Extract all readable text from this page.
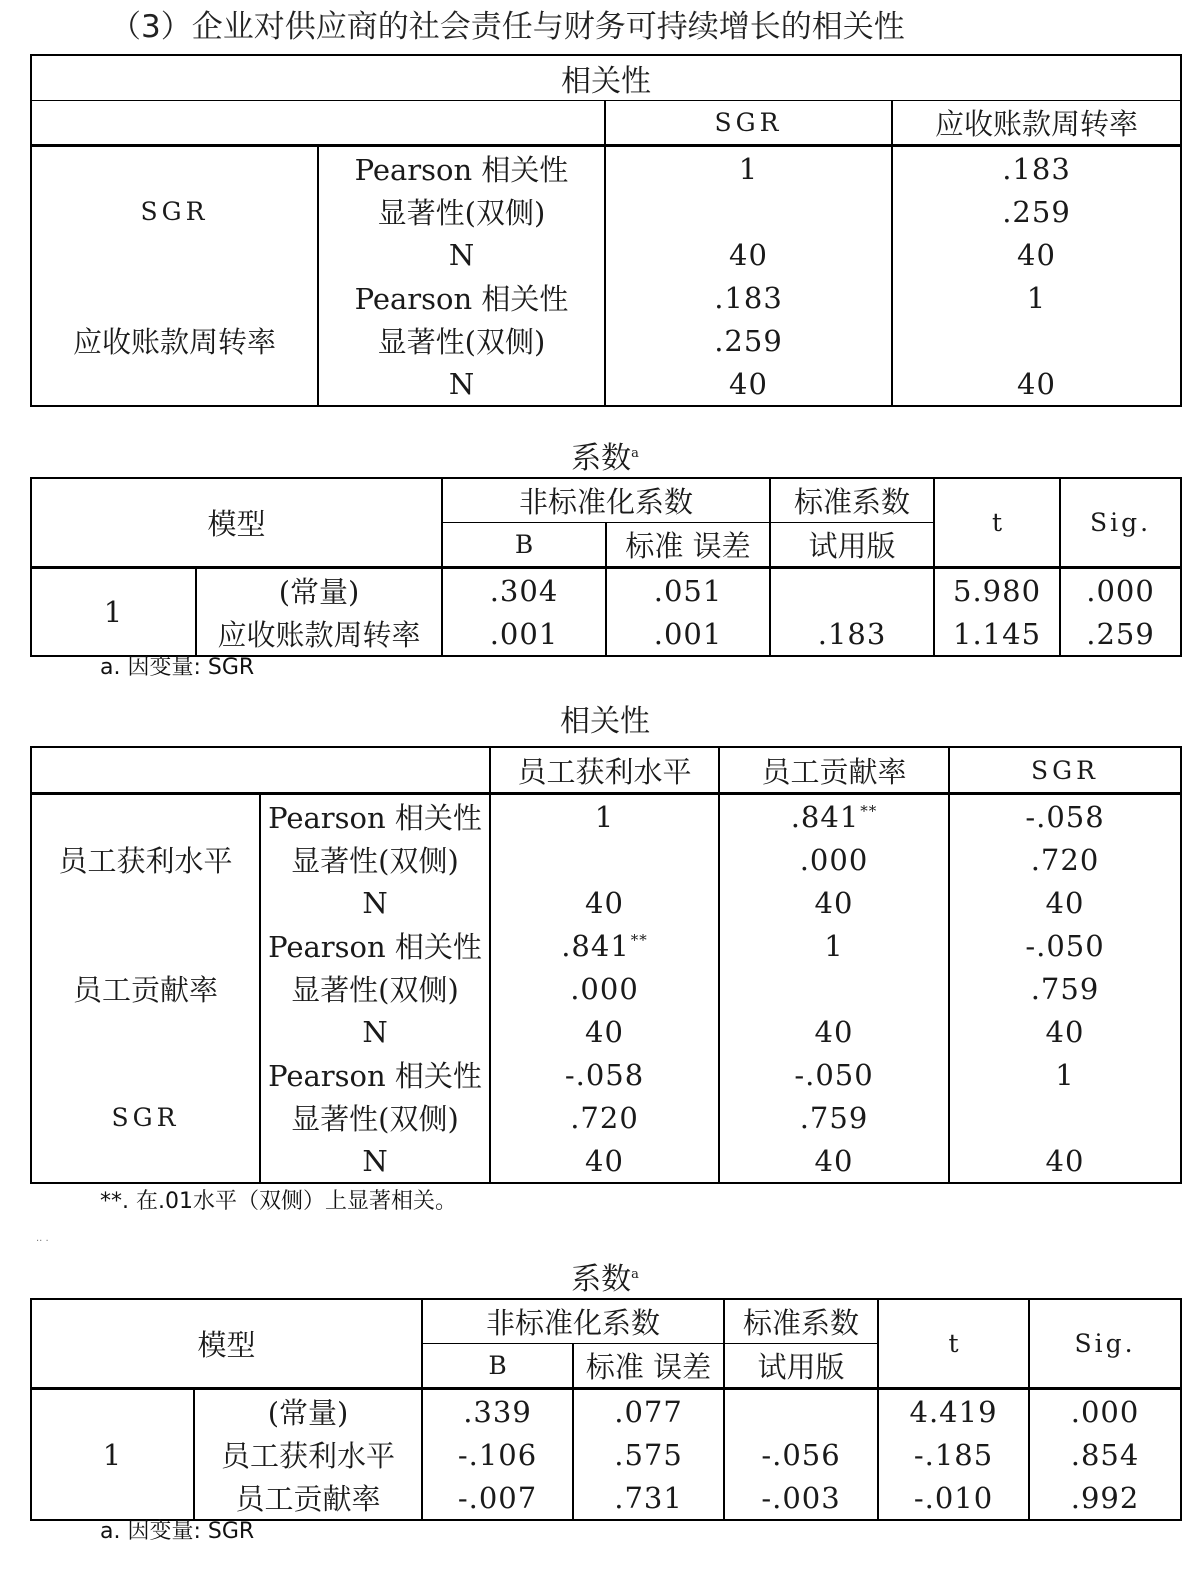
（3）企业对供应商的社会责任与财务可持续增长的相关性
相关性			
		SGR	应收账款周转率
SGR	Pearson 相关性	1	.183
	显著性(双侧)		.259
	N	40	40
应收账款周转率	Pearson 相关性	.183	1
	显著性(双侧)	.259	
	N	40	40
系数$^a$
模型		非标准化系数		标准系数	t	Sig.
		B	标准 误差	试用版		
1	(常量)	.304	.051		5.980	.000
	应收账款周转率	.001	.001	.183	1.145	.259
a. 因变量: SGR
相关性
		员工获利水平	员工贡献率	SGR
员工获利水平	Pearson 相关性	1	.841**	-.058
	显著性(双侧)		.000	.720
	N	40	40	40
员工贡献率	Pearson 相关性	.841**	1	-.050
	显著性(双侧)	.000		.759
	N	40	40	40
SGR	Pearson 相关性	-.058	-.050	1
	显著性(双侧)	.720	.759	
	N	40	40	40
**. 在.01水平（双侧）上显著相关。
·· ·
系数$^a$
模型		非标准化系数		标准系数	t	Sig.
		B	标准 误差	试用版		
1	(常量)	.339	.077		4.419	.000
	员工获利水平	-.106	.575	-.056	-.185	.854
	员工贡献率	-.007	.731	-.003	-.010	.992
a. 因变量: SGR
